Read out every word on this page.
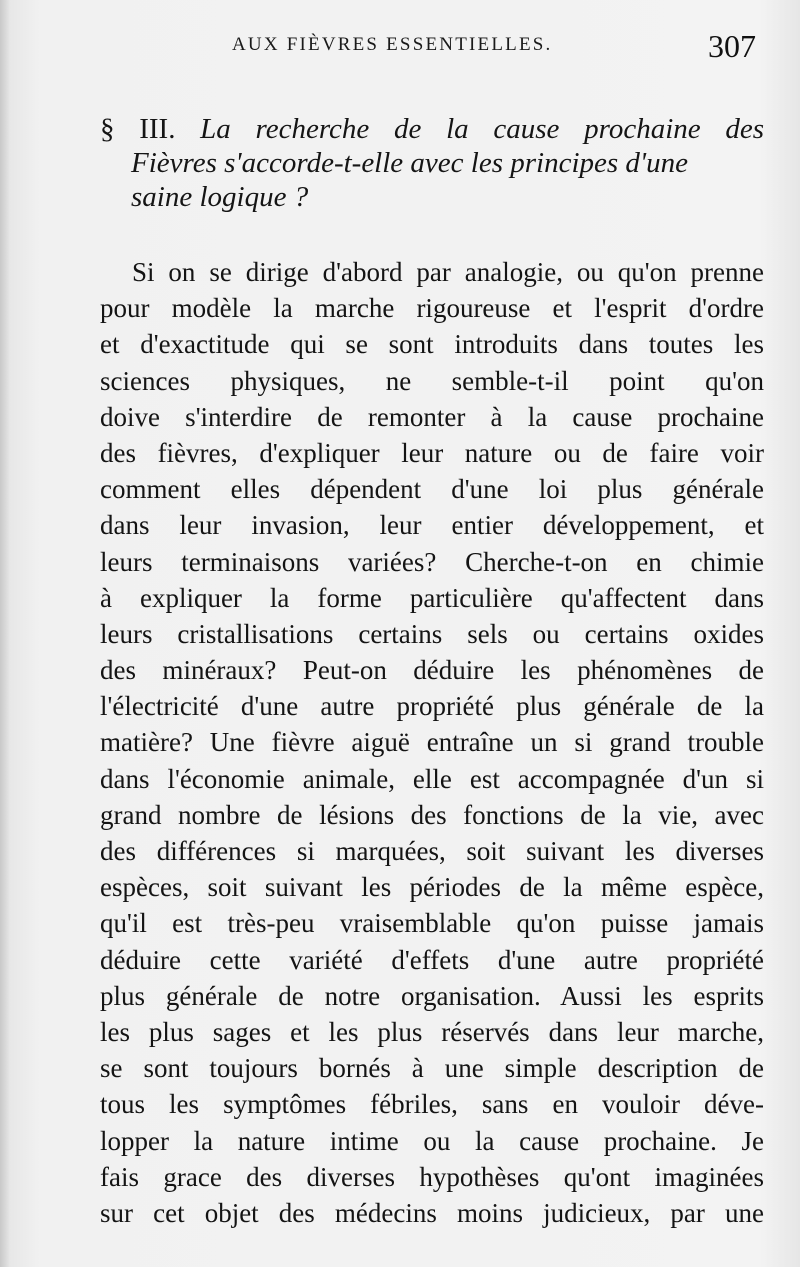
AUX FIÈVRES ESSENTIELLES.	307
§ III. La recherche de la cause prochaine des
Fièvres s'accorde-t-elle avec les principes d'une
saine logique ?
Si on se dirige d'abord par analogie, ou qu'on prenne
pour modèle la marche rigoureuse et l'esprit d'ordre
et d'exactitude qui se sont introduits dans toutes les
sciences physiques, ne semble-t-il point qu'on
doive s'interdire de remonter à la cause prochaine
des fièvres, d'expliquer leur nature ou de faire voir
comment elles dépendent d'une loi plus générale
dans leur invasion, leur entier développement, et
leurs terminaisons variées? Cherche-t-on en chimie
à expliquer la forme particulière qu'affectent dans
leurs cristallisations certains sels ou certains oxides
des minéraux? Peut-on déduire les phénomènes de
l'électricité d'une autre propriété plus générale de la
matière? Une fièvre aiguë entraîne un si grand trouble
dans l'économie animale, elle est accompagnée d'un si
grand nombre de lésions des fonctions de la vie, avec
des différences si marquées, soit suivant les diverses
espèces, soit suivant les périodes de la même espèce,
qu'il est très-peu vraisemblable qu'on puisse jamais
déduire cette variété d'effets d'une autre propriété
plus générale de notre organisation. Aussi les esprits
les plus sages et les plus réservés dans leur marche,
se sont toujours bornés à une simple description de
tous les symptômes fébriles, sans en vouloir déve-
lopper la nature intime ou la cause prochaine. Je
fais grace des diverses hypothèses qu'ont imaginées
sur cet objet des médecins moins judicieux, par une
